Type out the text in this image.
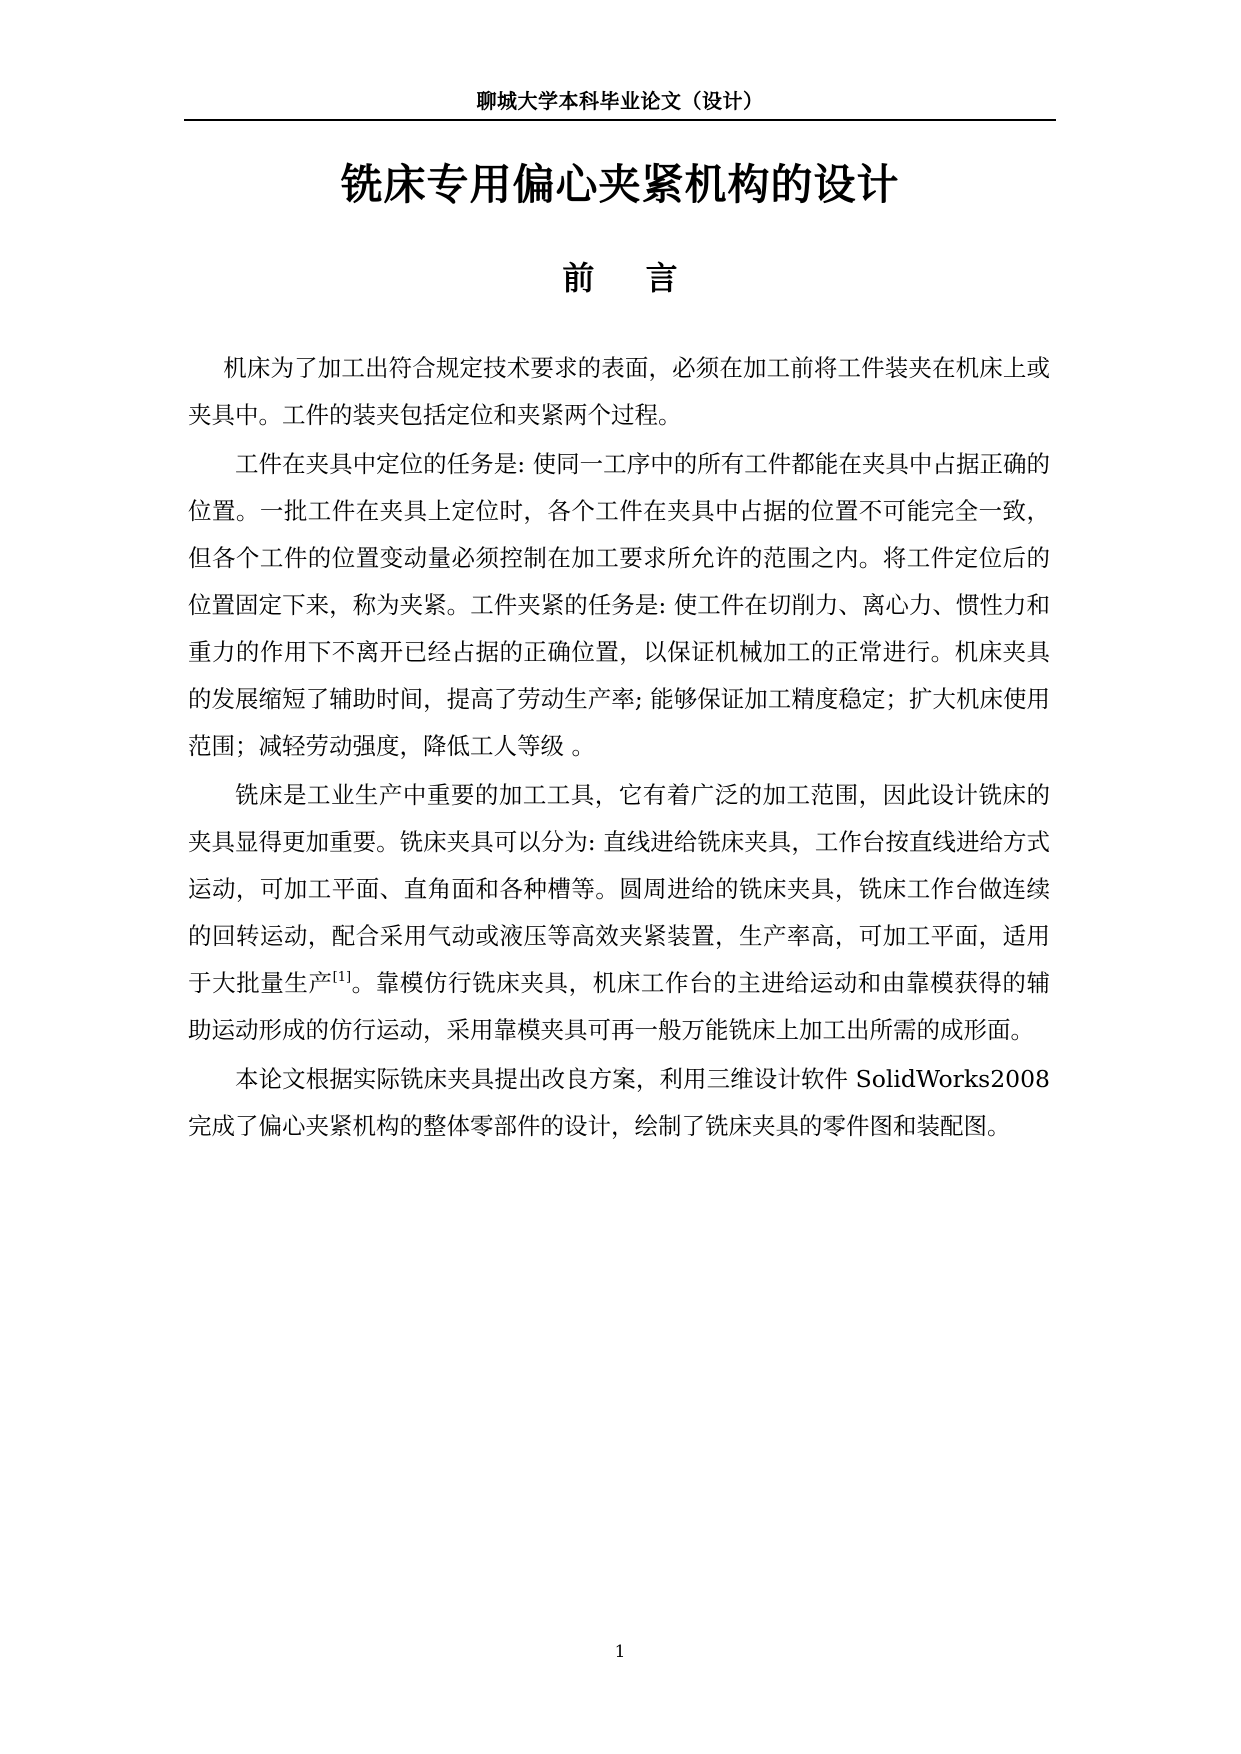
聊城大学本科毕业论文（设计）
铣床专用偏心夹紧机构的设计
前 言

机床为了加工出符合规定技术要求的表面，必须在加工前将工件装夹在机床上或夹具中。工件的装夹包括定位和夹紧两个过程。

工件在夹具中定位的任务是: 使同一工序中的所有工件都能在夹具中占据正确的位置。一批工件在夹具上定位时，各个工件在夹具中占据的位置不可能完全一致，但各个工件的位置变动量必须控制在加工要求所允许的范围之内。将工件定位后的位置固定下来，称为夹紧。工件夹紧的任务是: 使工件在切削力、离心力、惯性力和重力的作用下不离开已经占据的正确位置，以保证机械加工的正常进行。机床夹具的发展缩短了辅助时间，提高了劳动生产率; 能够保证加工精度稳定；扩大机床使用范围；减轻劳动强度，降低工人等级 。

铣床是工业生产中重要的加工工具，它有着广泛的加工范围，因此设计铣床的夹具显得更加重要。铣床夹具可以分为: 直线进给铣床夹具，工作台按直线进给方式运动，可加工平面、直角面和各种槽等。圆周进给的铣床夹具，铣床工作台做连续的回转运动，配合采用气动或液压等高效夹紧装置，生产率高，可加工平面，适用于大批量生产[1]。靠模仿行铣床夹具，机床工作台的主进给运动和由靠模获得的辅助运动形成的仿行运动，采用靠模夹具可再一般万能铣床上加工出所需的成形面。

本论文根据实际铣床夹具提出改良方案，利用三维设计软件 SolidWorks2008 完成了偏心夹紧机构的整体零部件的设计，绘制了铣床夹具的零件图和装配图。

1
